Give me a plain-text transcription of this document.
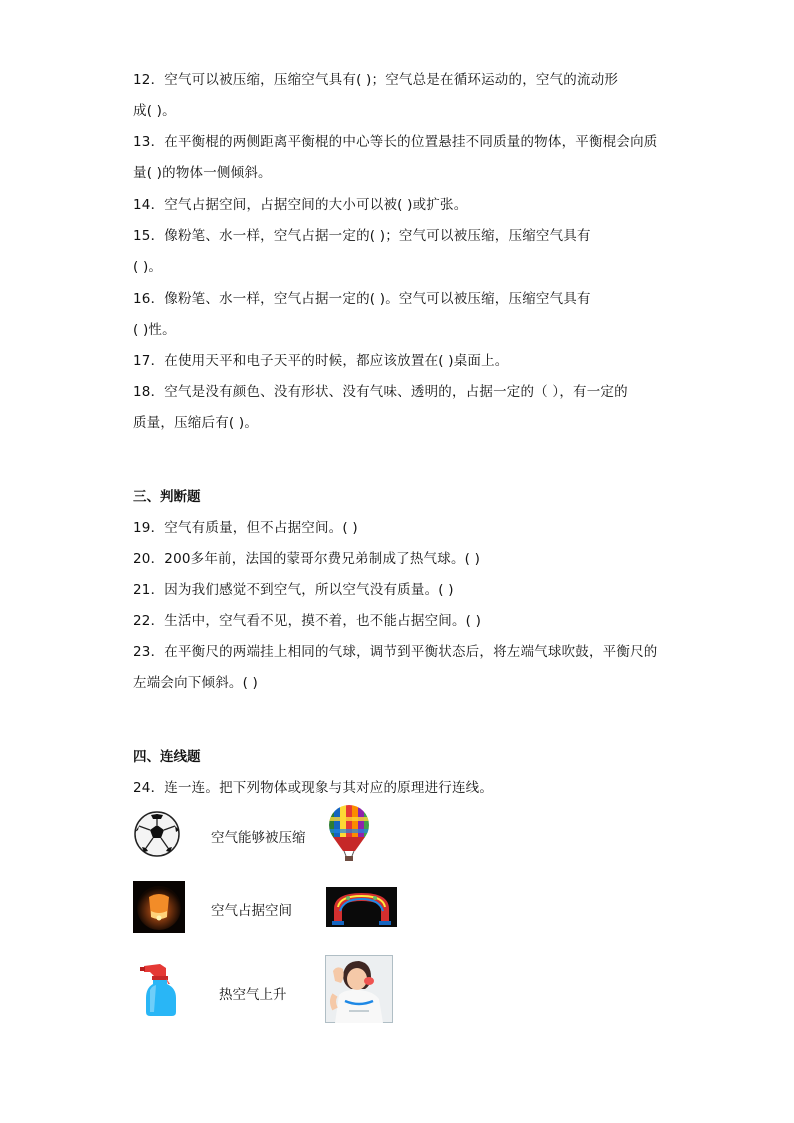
12．空气可以被压缩，压缩空气具有( )；空气总是在循环运动的，空气的流动形
成( )。
13．在平衡棍的两侧距离平衡棍的中心等长的位置悬挂不同质量的物体，平衡棍会向质
量( )的物体一侧倾斜。
14．空气占据空间，占据空间的大小可以被( )或扩张。
15．像粉笔、水一样，空气占据一定的( )；空气可以被压缩，压缩空气具有
( )。
16．像粉笔、水一样，空气占据一定的( )。空气可以被压缩，压缩空气具有
( )性。
17．在使用天平和电子天平的时候，都应该放置在( )桌面上。
18．空气是没有颜色、没有形状、没有气味、透明的，占据一定的（ ），有一定的
质量，压缩后有( )。
三、判断题
19．空气有质量，但不占据空间。( )
20．200多年前，法国的蒙哥尔费兄弟制成了热气球。( )
21．因为我们感觉不到空气，所以空气没有质量。( )
22．生活中，空气看不见，摸不着，也不能占据空间。( )
23．在平衡尺的两端挂上相同的气球，调节到平衡状态后，将左端气球吹鼓，平衡尺的
左端会向下倾斜。( )
四、连线题
24．连一连。把下列物体或现象与其对应的原理进行连线。
空气能够被压缩
空气占据空间
热空气上升
